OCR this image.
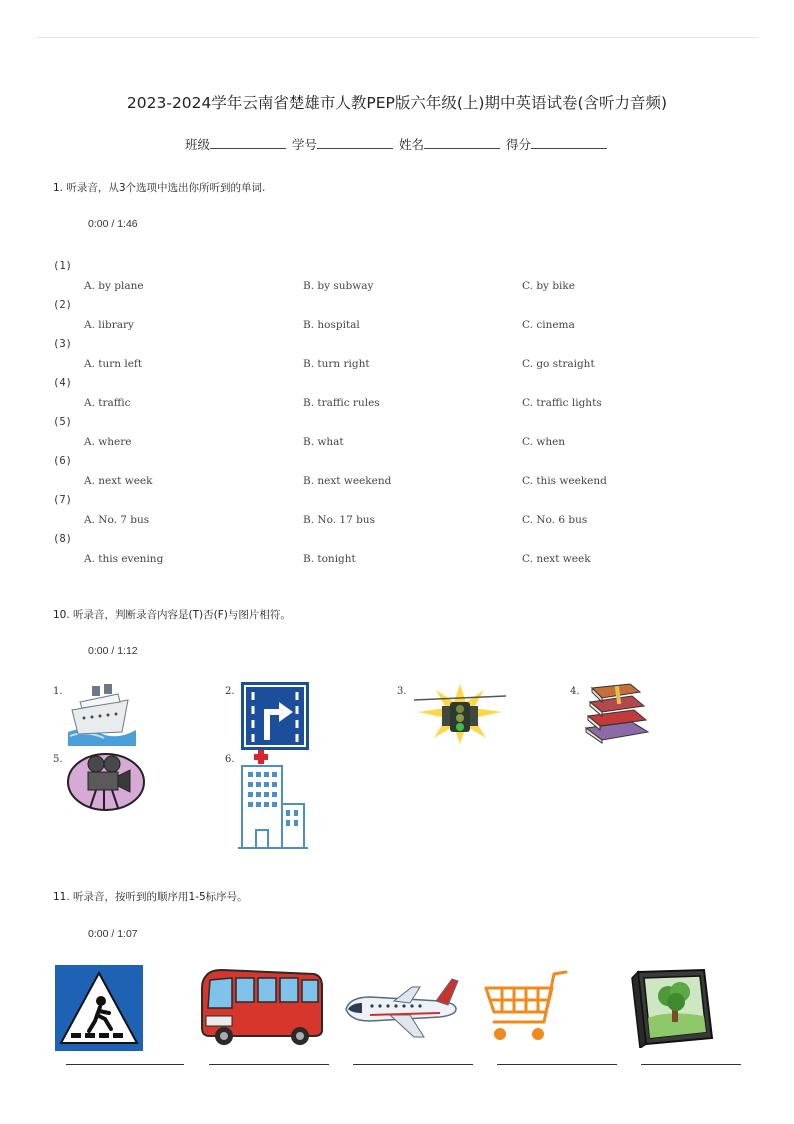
2023-2024学年云南省楚雄市人教PEP版六年级(上)期中英语试卷(含听力音频)
班级	学号	姓名	得分
1. 听录音，从3个选项中选出你所听到的单词.
0:00 / 1:46
(1)
A. by plane	B. by subway	C. by bike
(2)
A. library	B. hospital	C. cinema
(3)
A. turn left	B. turn right	C. go straight
(4)
A. traffic	B. traffic rules	C. traffic lights
(5)
A. where	B. what	C. when
(6)
A. next week	B. next weekend	C. this weekend
(7)
A. No. 7 bus	B. No. 17 bus	C. No. 6 bus
(8)
A. this evening	B. tonight	C. next week
10. 听录音，判断录音内容是(T)否(F)与图片相符。
0:00 / 1:12
1.	2.	3.	4.
5.	6.
11. 听录音，按听到的顺序用1-5标序号。
0:00 / 1:07
